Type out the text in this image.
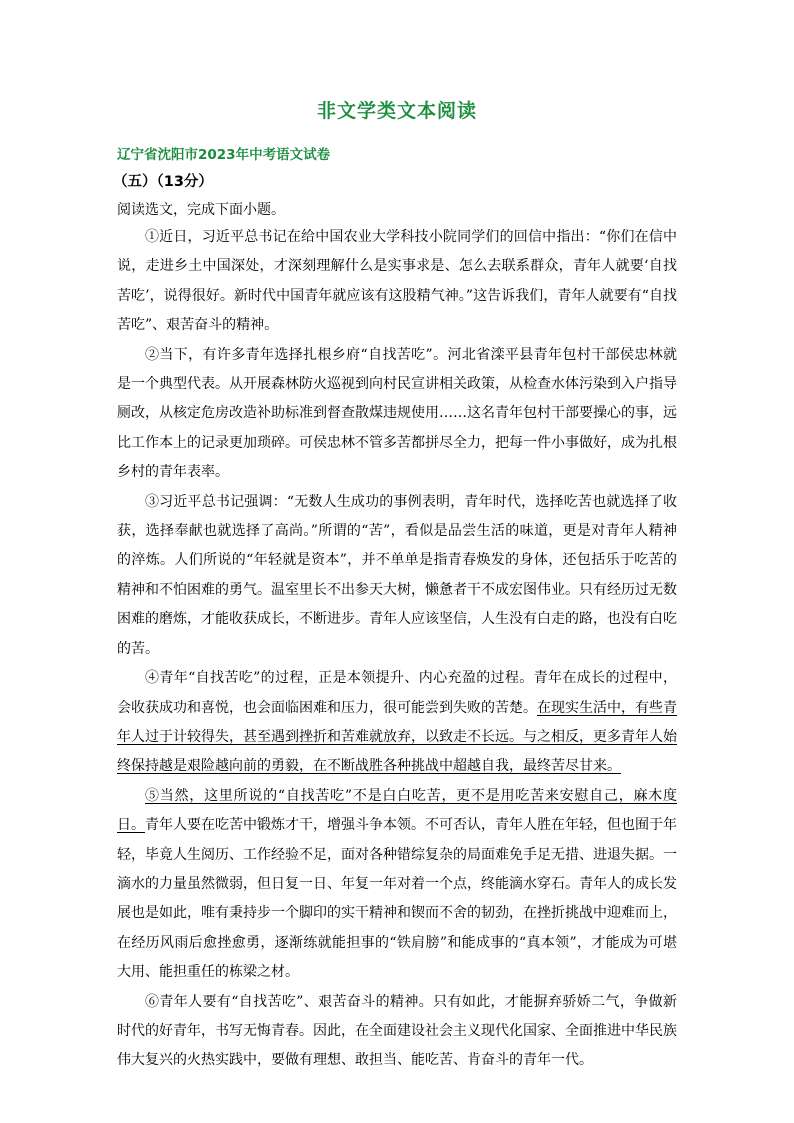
非文学类文本阅读
辽宁省沈阳市2023年中考语文试卷
（五）（13分）
阅读选文，完成下面小题。

①近日，习近平总书记在给中国农业大学科技小院同学们的回信中指出：“你们在信中说，走进乡土中国深处，才深刻理解什么是实事求是、怎么去联系群众，青年人就要‘自找苦吃’，说得很好。新时代中国青年就应该有这股精气神。”这告诉我们，青年人就要有“自找苦吃”、艰苦奋斗的精神。

②当下，有许多青年选择扎根乡府“自找苦吃”。河北省滦平县青年包村干部侯忠林就是一个典型代表。从开展森林防火巡视到向村民宣讲相关政策，从检查水体污染到入户指导厕改，从核定危房改造补助标准到督查散煤违规使用……这名青年包村干部要操心的事，远比工作本上的记录更加琐碎。可侯忠林不管多苦都拼尽全力，把每一件小事做好，成为扎根乡村的青年表率。

③习近平总书记强调：“无数人生成功的事例表明，青年时代，选择吃苦也就选择了收获，选择奉献也就选择了高尚。”所谓的“苦”，看似是品尝生活的味道，更是对青年人精神的淬炼。人们所说的“年轻就是资本”，并不单单是指青春焕发的身体，还包括乐于吃苦的精神和不怕困难的勇气。温室里长不出参天大树，懒惫者干不成宏图伟业。只有经历过无数困难的磨炼，才能收获成长，不断进步。青年人应该坚信，人生没有白走的路，也没有白吃的苦。

④青年“自找苦吃”的过程，正是本领提升、内心充盈的过程。青年在成长的过程中，会收获成功和喜悦，也会面临困难和压力，很可能尝到失败的苦楚。在现实生活中，有些青年人过于计较得失，甚至遇到挫折和苦难就放弃，以致走不长远。与之相反，更多青年人始终保持越是艰险越向前的勇毅，在不断战胜各种挑战中超越自我，最终苦尽甘来。

⑤当然，这里所说的“自找苦吃”不是白白吃苦，更不是用吃苦来安慰自己，麻木度日。青年人要在吃苦中锻炼才干，增强斗争本领。不可否认，青年人胜在年轻，但也囿于年轻，毕竟人生阅历、工作经验不足，面对各种错综复杂的局面难免手足无措、进退失据。一滴水的力量虽然微弱，但日复一日、年复一年对着一个点，终能滴水穿石。青年人的成长发展也是如此，唯有秉持步一个脚印的实干精神和锲而不舍的韧劲，在挫折挑战中迎难而上，在经历风雨后愈挫愈勇，逐渐练就能担事的“铁肩膀”和能成事的“真本领”，才能成为可堪大用、能担重任的栋梁之材。

⑥青年人要有“自找苦吃”、艰苦奋斗的精神。只有如此，才能摒弃骄娇二气，争做新时代的好青年，书写无悔青春。因此，在全面建设社会主义现代化国家、全面推进中华民族伟大复兴的火热实践中，要做有理想、敢担当、能吃苦、肯奋斗的青年一代。
